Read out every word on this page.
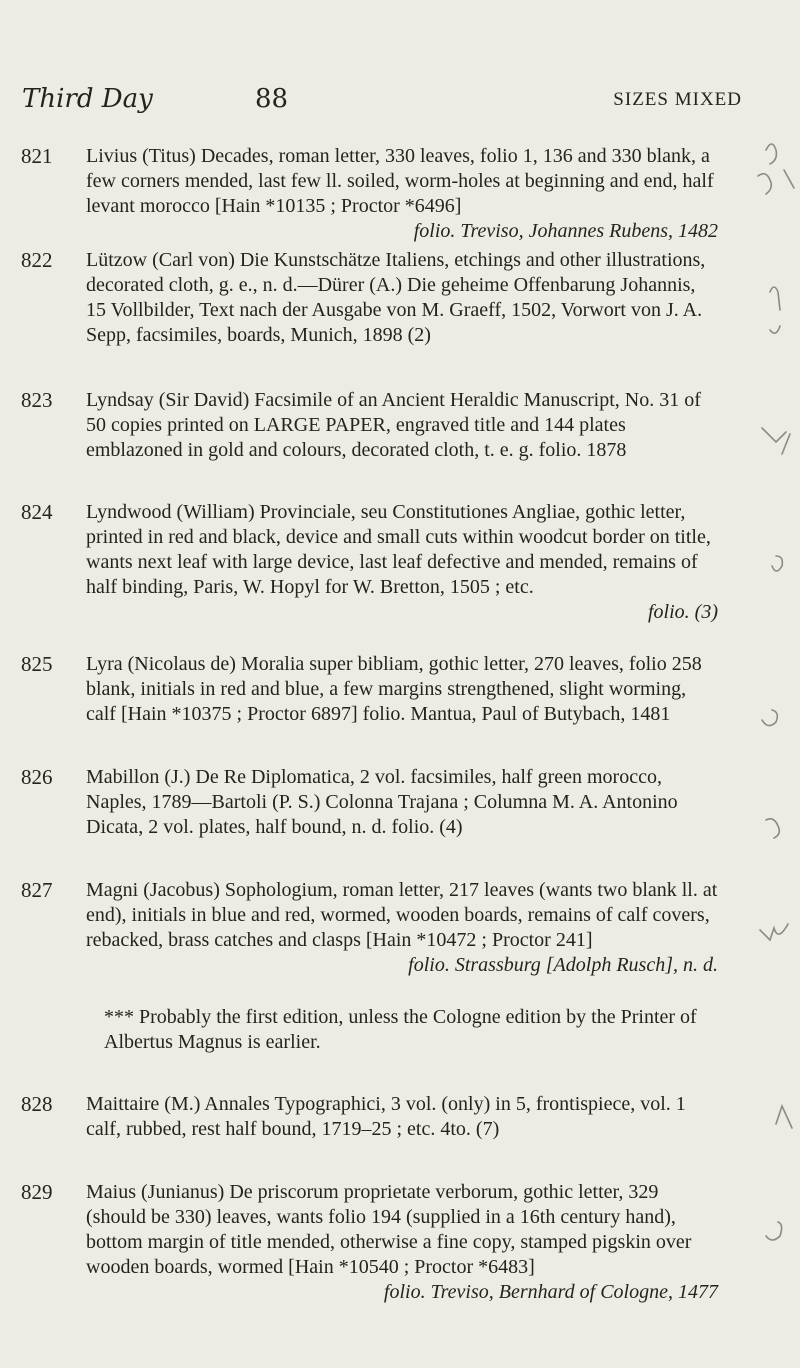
Third Day	88	SIZES MIXED
821 Livius (Titus) Decades, roman letter, 330 leaves, folio 1, 136 and 330 blank, a few corners mended, last few ll. soiled, worm-holes at beginning and end, half levant morocco [Hain *10135 ; Proctor *6496]
folio. Treviso, Johannes Rubens, 1482
822 Lützow (Carl von) Die Kunstschätze Italiens, etchings and other illustrations, decorated cloth, g. e., n. d.—Dürer (A.) Die geheime Offenbarung Johannis, 15 Vollbilder, Text nach der Ausgabe von M. Graeff, 1502, Vorwort von J. A. Sepp, facsimiles, boards, Munich, 1898 (2)
823 Lyndsay (Sir David) Facsimile of an Ancient Heraldic Manuscript, No. 31 of 50 copies printed on LARGE PAPER, engraved title and 144 plates emblazoned in gold and colours, decorated cloth, t. e. g. folio. 1878
824 Lyndwood (William) Provinciale, seu Constitutiones Angliae, gothic letter, printed in red and black, device and small cuts within woodcut border on title, wants next leaf with large device, last leaf defective and mended, remains of half binding, Paris, W. Hopyl for W. Bretton, 1505 ; etc.
folio. (3)
825 Lyra (Nicolaus de) Moralia super bibliam, gothic letter, 270 leaves, folio 258 blank, initials in red and blue, a few margins strengthened, slight worming, calf [Hain *10375 ; Proctor 6897] folio. Mantua, Paul of Butybach, 1481
826 Mabillon (J.) De Re Diplomatica, 2 vol. facsimiles, half green morocco, Naples, 1789—Bartoli (P. S.) Colonna Trajana ; Columna M. A. Antonino Dicata, 2 vol. plates, half bound, n. d. folio. (4)
827 Magni (Jacobus) Sophologium, roman letter, 217 leaves (wants two blank ll. at end), initials in blue and red, wormed, wooden boards, remains of calf covers, rebacked, brass catches and clasps [Hain *10472 ; Proctor 241]
folio. Strassburg [Adolph Rusch], n. d.
*** Probably the first edition, unless the Cologne edition by the Printer of Albertus Magnus is earlier.
828 Maittaire (M.) Annales Typographici, 3 vol. (only) in 5, frontispiece, vol. 1 calf, rubbed, rest half bound, 1719–25 ; etc. 4to. (7)
829 Maius (Junianus) De priscorum proprietate verborum, gothic letter, 329 (should be 330) leaves, wants folio 194 (supplied in a 16th century hand), bottom margin of title mended, otherwise a fine copy, stamped pigskin over wooden boards, wormed [Hain *10540 ; Proctor *6483]
folio. Treviso, Bernhard of Cologne, 1477
